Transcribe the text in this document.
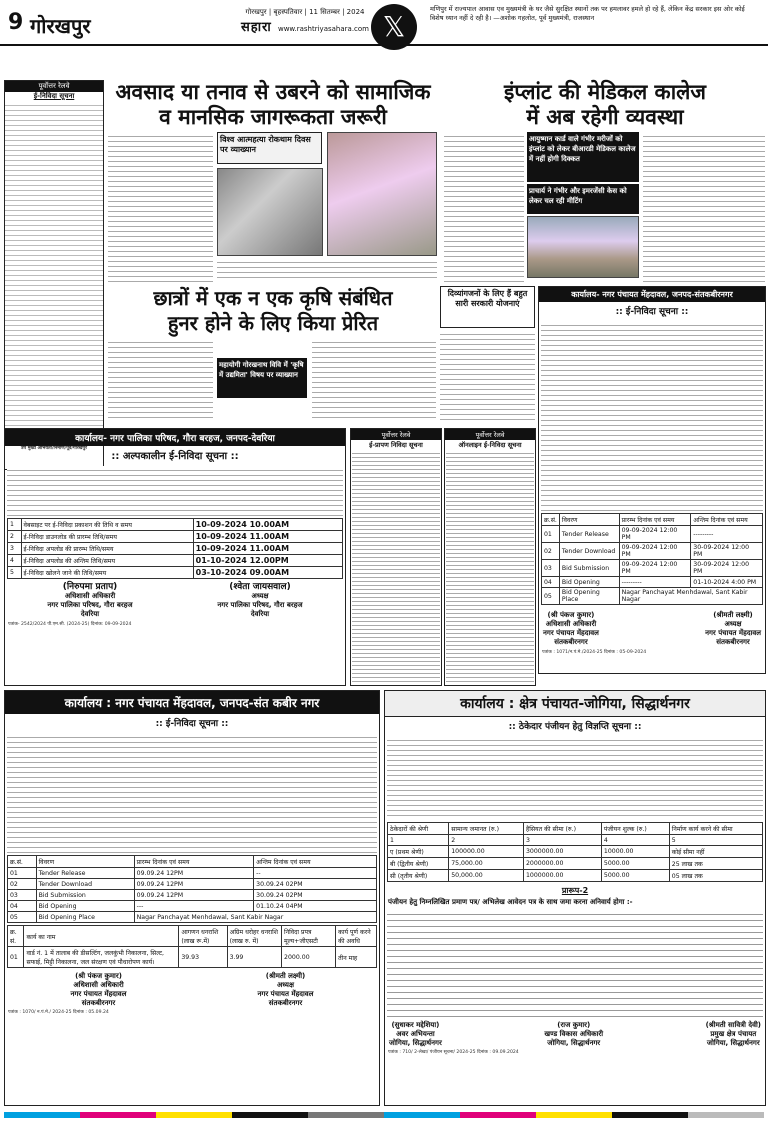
9 गोरखपुर
गोरखपुर | बृहस्पतिवार | 11 सितम्बर | 2024
सहारा www.rashtriyasahara.com 𝕏
मणिपुर में राज्यपाल आवास एव मुख्यमंत्री के घर जैसे सुरक्षित स्थानों तक पर हमलावर हमले हो रहे हैं, लेकिन केंद्र सरकार इस ओर कोई विशेष ध्यान नहीं दे रही है। —अशोक गहलोत, पूर्व मुख्यमंत्री, राजस्थान
पूर्वोत्तर रेलवे
ई-निविदा सूचना
उप मुख्य अभियंता/निर्माण/पूर्व/गोरखपुर
अवसाद या तनाव से उबरने को सामाजिक
व मानसिक जागरूकता जरूरी
विश्व आत्महत्या रोकथाम दिवस पर व्याख्यान
इंप्लांट की मेडिकल कालेज
में अब रहेगी व्यवस्था
आयुष्मान कार्ड वाले गंभीर मरीजों को इंप्लांट को लेकर बीआरडी मेडिकल कालेज में नहीं होगी दिक्कत
प्राचार्य ने गंभीर और इमरजेंसी केस को लेकर चल रही मीटिंग
छात्रों में एक न एक कृषि संबंधित
हुनर होने के लिए किया प्रेरित
महायोगी गोरखनाथ विवि में 'कृषि में उद्यमिता' विषय पर व्याख्यान
दिव्यांगजनों के लिए हैं बहुत सारी सरकारी योजनाएं
कार्यालय- नगर पंचायत मेंहदावल, जनपद-संतकबीरनगर
:: ई-निविदा सूचना ::
क्र.सं.	विवरण	प्रारम्भ दिनांक एवं समय	अन्तिम दिनांक एवं समय
01	Tender Release	09-09-2024 12:00 PM	---------
02	Tender Download	09-09-2024 12:00 PM	30-09-2024 12:00 PM
03	Bid Submission	09-09-2024 12:00 PM	30-09-2024 12:00 PM
04	Bid Opening	---------	01-10-2024 4:00 PM
05	Bid Opening Place	Nagar Panchayat Menhdawal, Sant Kabir Nagar	
(श्री पंकज कुमार)
अधिशासी अधिकारी
नगर पंचायत मेंहदावल
संतकबीरनगर
(श्रीमती लक्ष्मी)
अध्यक्ष
नगर पंचायत मेंहदावल
संतकबीरनगर
पत्रांक : 1071/न.पं.मे./2024-25 दिनांक : 05-09-2024
कार्यालय- नगर पालिका परिषद, गौरा बरहज, जनपद-देवरिया
:: अल्पकालीन ई-निविदा सूचना ::
1	वेबसाइट पर ई-निविदा प्रकाशन की तिथि व समय	10-09-2024 10.00AM
2	ई-निविदा डाउनलोड की प्रारम्भ तिथि/समय	10-09-2024 11.00AM
3	ई-निविदा अपलोड की प्रारम्भ तिथि/समय	10-09-2024 11.00AM
4	ई-निविदा अपलोड की अन्तिम तिथि/समय	01-10-2024 12.00PM
5	ई-निविदा खोलने जाने की तिथि/समय	03-10-2024 09.00AM
(निरुपमा प्रताप)
अधिशासी अधिकारी
नगर पालिका परिषद, गौरा बरहज
देवरिया
(श्वेता जायसवाल)
अध्यक्ष
नगर पालिका परिषद, गौरा बरहज
देवरिया
पत्रांक- 2542/2024 पी.एम.सी. (2024-25) दिनांक: 09-09-2024
पूर्वोत्तर रेलवे
ई-प्रापण निविदा सूचना
पूर्वोत्तर रेलवे
ऑनलाइन ई-निविदा सूचना
कार्यालय : क्षेत्र पंचायत-जोगिया, सिद्धार्थनगर
:: ठेकेदार पंजीयन हेतु विज्ञप्ति सूचना ::
ठेकेदारों की श्रेणी	सामान्य जमानत (रु.)	हैसियत की सीमा (रु.)	पंजीयन शुल्क (रु.)	निर्माण कार्य करने की सीमा
1	2	3	4	5
ए (प्रथम श्रेणी)	100000.00	3000000.00	10000.00	कोई सीमा नहीं
बी (द्वितीय श्रेणी)	75,000.00	2000000.00	5000.00	25 लाख तक
सी (तृतीय श्रेणी)	50,000.00	1000000.00	5000.00	05 लाख तक
प्रारूप-2
पंजीयन हेतु निम्नलिखित प्रमाण पत्र/ अभिलेख आवेदन पत्र के साथ जमा करना अनिवार्य होगा :-
(सुधाकर मद्देशिया)
अवर अभियन्ता
जोगिया, सिद्धार्थनगर
(राज कुमार)
खण्ड विकास अधिकारी
जोगिया, सिद्धार्थनगर
(श्रीमती सावित्री देवी)
प्रमुख क्षेत्र पंचायत
जोगिया, सिद्धार्थनगर
पत्रांक : 710/ 2-लेखा/ पंजीयन सूचना/ 2024-25 दिनांक : 09.09.2024
कार्यालय : नगर पंचायत मेंहदावल, जनपद-संत कबीर नगर
:: ई-निविदा सूचना ::
क्र.सं.	विवरण	प्रारम्भ दिनांक एवं समय	अन्तिम दिनांक एवं समय
01	Tender Release	09.09.24 12PM	--
02	Tender Download	09.09.24 12PM	30.09.24 02PM
03	Bid Submission	09.09.24 12PM	30.09.24 02PM
04	Bid Opening	---	01.10.24 04PM
05	Bid Opening Place	Nagar Panchayat Menhdawal, Sant Kabir Nagar	
क्र. सं.	कार्य का नाम	आगणन धनराशि (लाख रू.में)	अग्रिम धरोहर धनराशि (लाख रु. में)	निविदा प्रपत्र मूल्य+जीएसटी	कार्य पूर्ण करने की अवधि
01	वार्ड नं. 1 में तालाब की डीसल्टिंग, जलकुंभी निकालना, सिल्ट, सफाई, मिट्टी निकालना, जल संरक्षण एवं पौधारोपण कार्य।	39.93	3.99	2000.00	तीन माह
(श्री पंकज कुमार)
अधिशासी अधिकारी
नगर पंचायत मेंहदावल
संतकबीरनगर
(श्रीमती लक्ष्मी)
अध्यक्ष
नगर पंचायत मेंहदावल
संतकबीरनगर
पत्रांक : 1070/ न.पं.मे./ 2024-25 दिनांक : 05.09.24
